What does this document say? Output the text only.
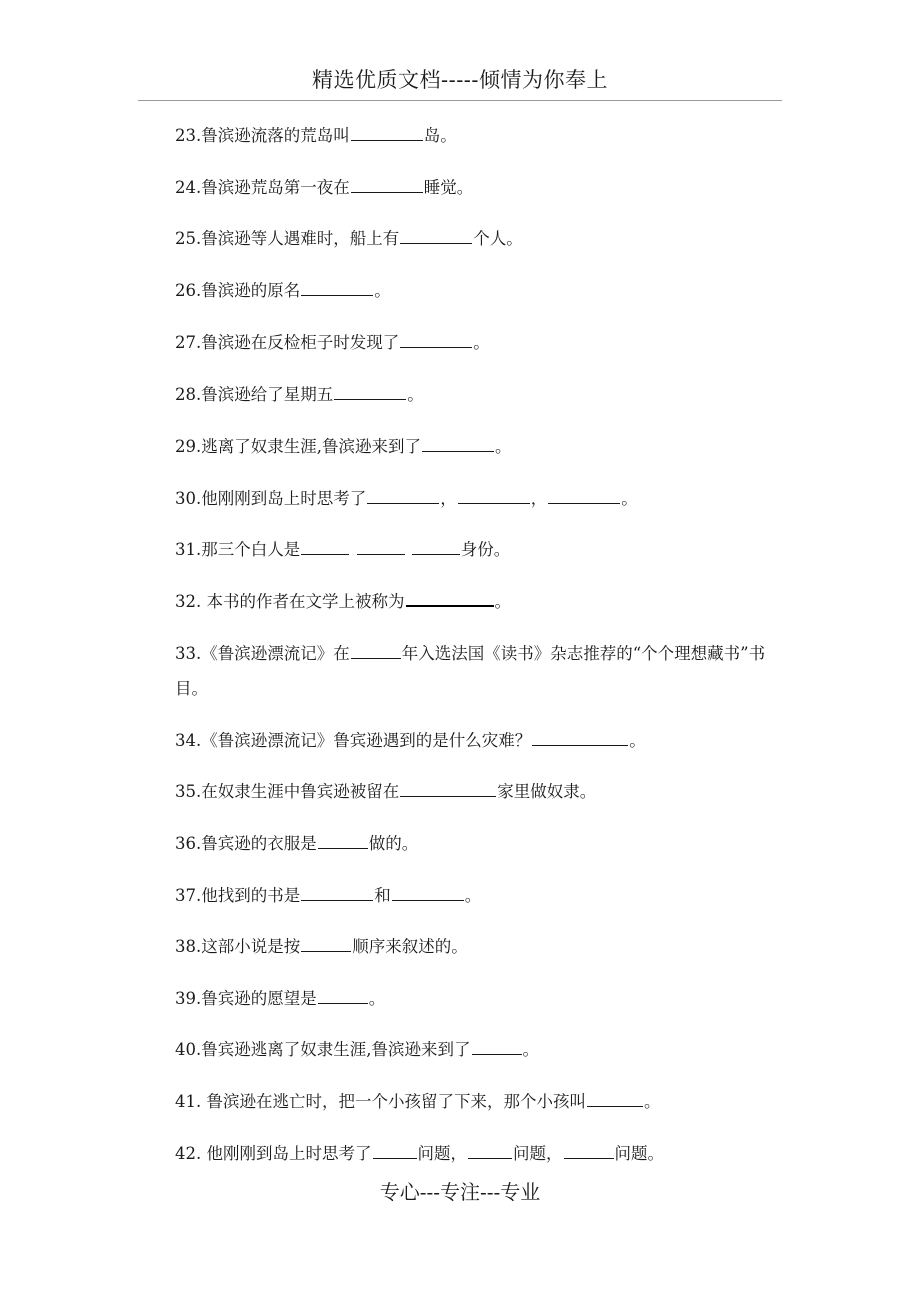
精选优质文档-----倾情为你奉上
23.鲁滨逊流落的荒岛叫	岛。
24.鲁滨逊荒岛第一夜在	睡觉。
25.鲁滨逊等人遇难时，船上有	个人。
26.鲁滨逊的原名	。
27.鲁滨逊在反检柜子时发现了	。
28.鲁滨逊给了星期五	。
29.逃离了奴隶生涯,鲁滨逊来到了	。
30.他刚刚到岛上时思考了	，	，	。
31.那三个白人是	身份。
32. 本书的作者在文学上被称为	。
33.《鲁滨逊漂流记》在	年入选法国《读书》杂志推荐的“个个理想藏书”书目。
34.《鲁滨逊漂流记》鲁宾逊遇到的是什么灾难？	。
35.在奴隶生涯中鲁宾逊被留在	家里做奴隶。
36.鲁宾逊的衣服是	做的。
37.他找到的书是	和	。
38.这部小说是按	顺序来叙述的。
39.鲁宾逊的愿望是	。
40.鲁宾逊逃离了奴隶生涯,鲁滨逊来到了	。
41. 鲁滨逊在逃亡时，把一个小孩留了下来，那个小孩叫	。
42. 他刚刚到岛上时思考了	问题，	问题，	问题。
专心---专注---专业
